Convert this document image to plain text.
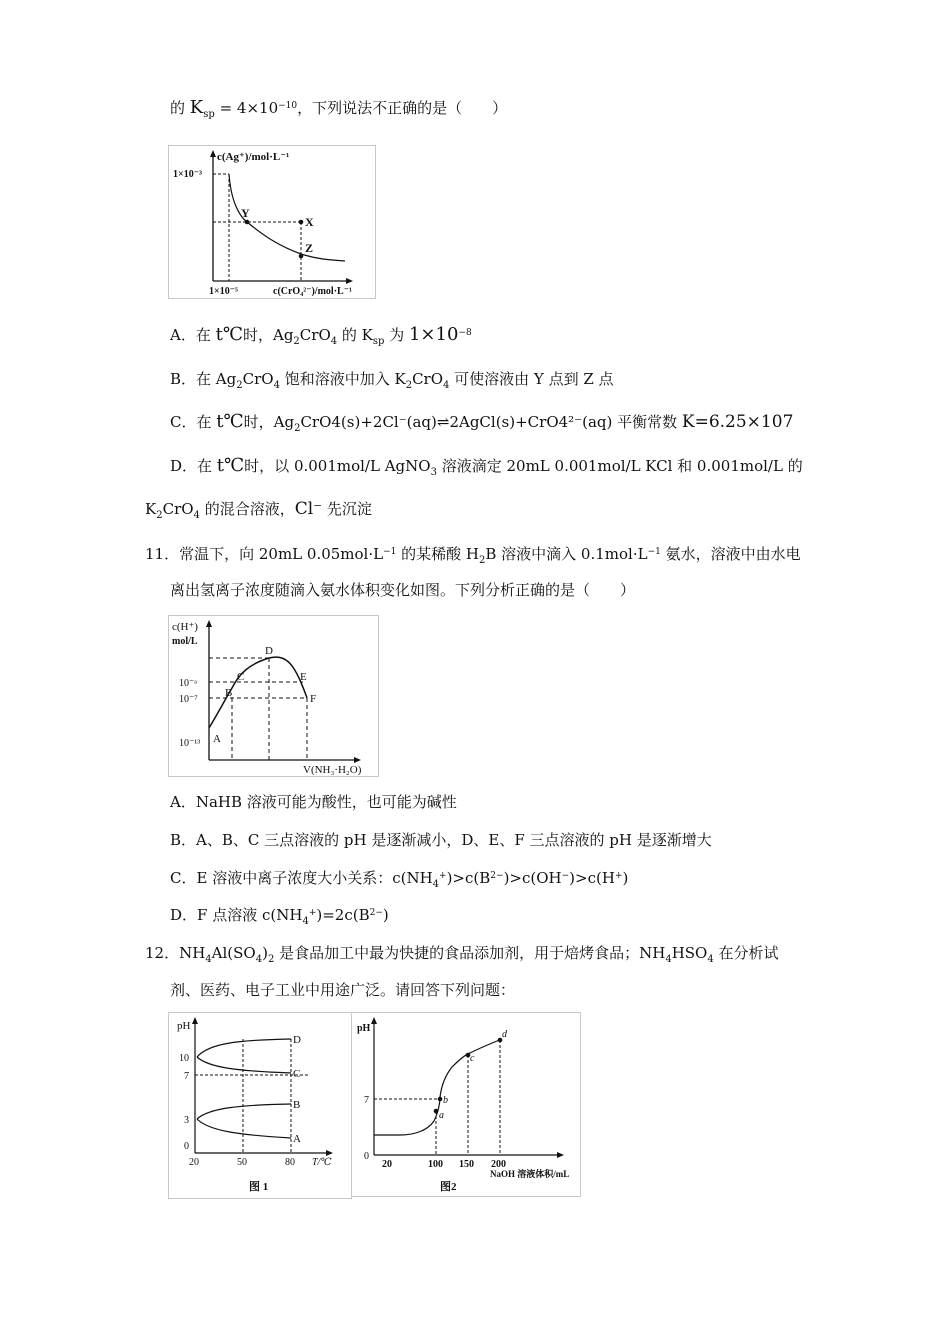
的 $K_{sp} = 4\times 10^{-10}$，下列说法不正确的是（　　）
c(Ag⁺)/mol·L⁻¹
c(CrO₄²⁻)/mol·L⁻¹
1×10⁻³
1×10⁻⁵
Y
X
Z
A．在 t℃时，$Ag_2CrO_4$ 的 $K_{sp}$ 为 $1\times 10^{-8}$
B．在 $Ag_2CrO_4$ 饱和溶液中加入 $K_2CrO_4$ 可使溶液由 Y 点到 Z 点
C．在 t℃时，$Ag_2CrO4(s)+2Cl^-(aq)\rightleftharpoons 2AgCl(s)+CrO4^{2-}(aq)$ 平衡常数 K=6.25×107
D．在 t℃时，以 0.001mol/L AgNO$_3$ 溶液滴定 20mL 0.001mol/L KCl 和 0.001mol/L 的
$K_2CrO_4$ 的混合溶液，Cl⁻ 先沉淀
11．常温下，向 20mL $0.05mol\cdot L^{-1}$ 的某稀酸 $H_2B$ 溶液中滴入 $0.1mol\cdot L^{-1}$ 氨水，溶液中由水电
离出氢离子浓度随滴入氨水体积变化如图。下列分析正确的是（　　）
c(H⁺)
mol/L
10⁻ᵃ
10⁻⁷
10⁻¹³
V(NH₃·H₂O)
A
B
C
D
E
F
A．NaHB 溶液可能为酸性，也可能为碱性
B．A、B、C 三点溶液的 pH 是逐渐减小，D、E、F 三点溶液的 pH 是逐渐增大
C．E 溶液中离子浓度大小关系：$c(NH_4^+)>c(B^{2-})>c(OH^-)>c(H^+)$
D．F 点溶液 $c(NH_4^+)=2c(B^{2-})$
12．$NH_4Al(SO_4)_2$ 是食品加工中最为快捷的食品添加剂，用于焙烤食品；$NH_4HSO_4$ 在分析试
剂、医药、电子工业中用途广泛。请回答下列问题：
pH
10
7
3
0
20	50	80 T/℃
D
C
B
A
图 1
pH
7
0
20	100 150 200
NaOH 溶液体积/mL
a
b
c
d
图2
